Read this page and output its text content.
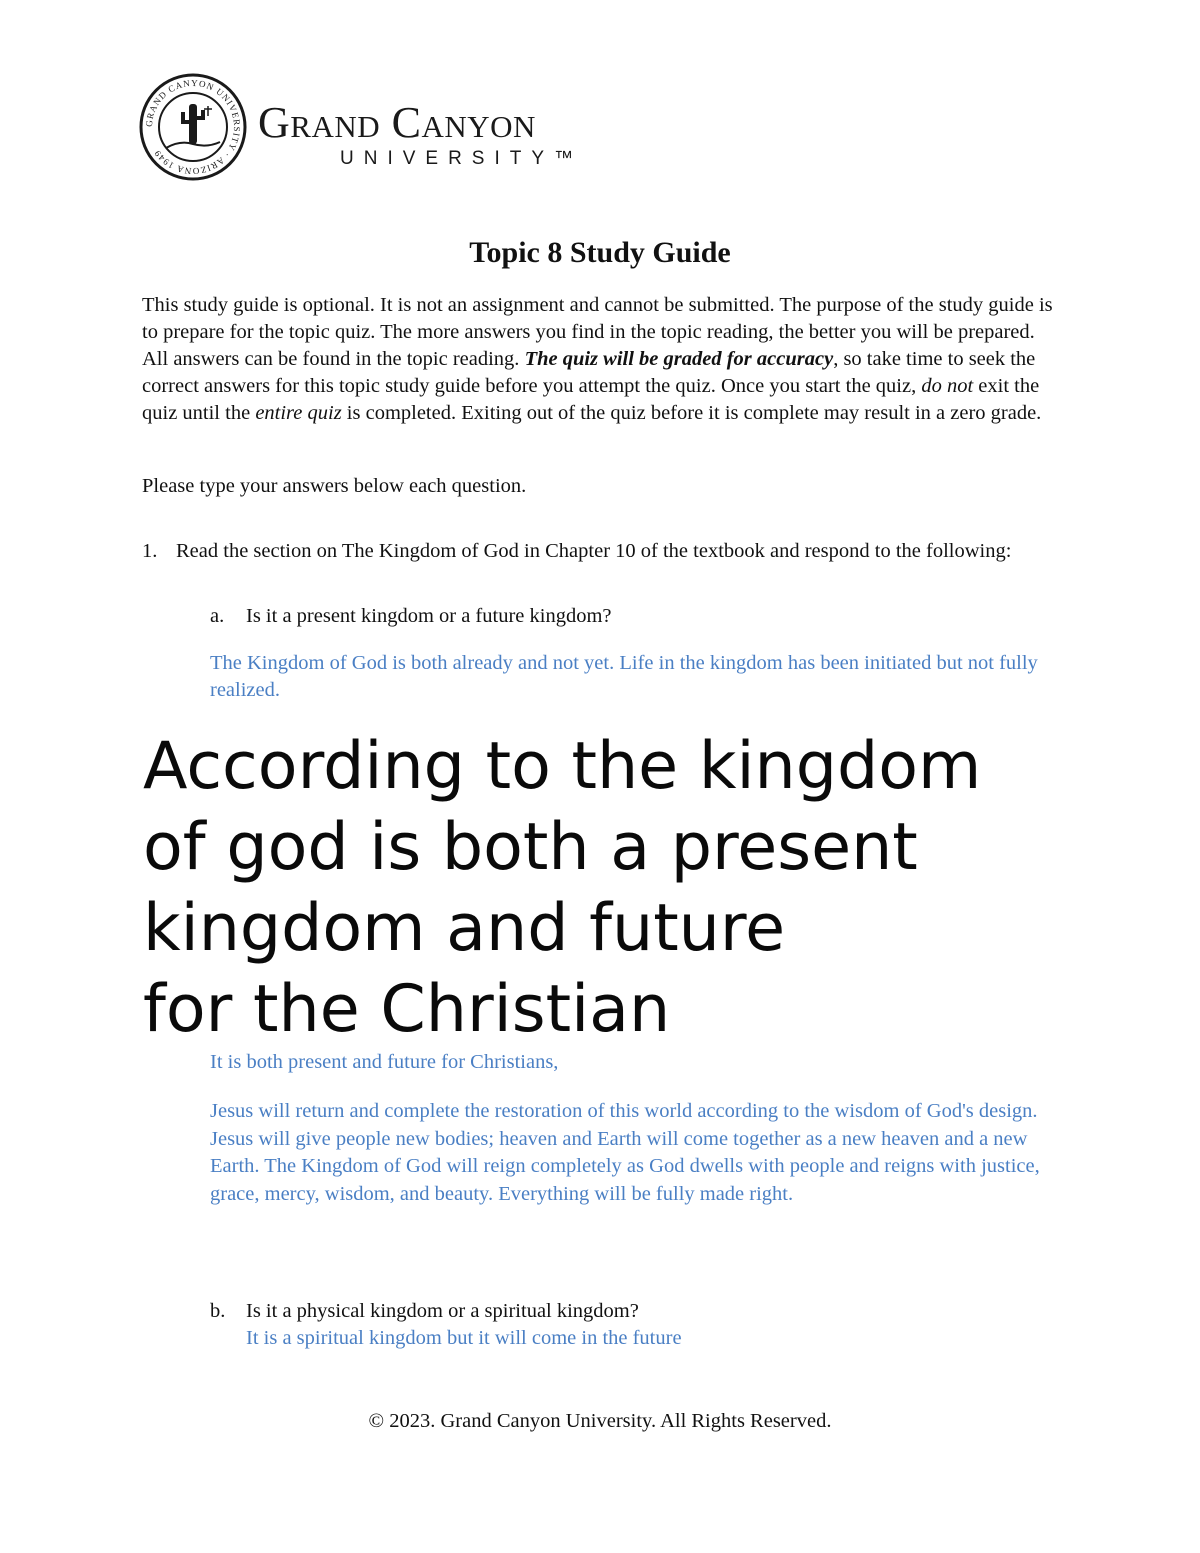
GRAND CANYON UNIVERSITY · ARIZONA 1949
Grand Canyon
UNIVERSITY™
Topic 8 Study Guide

This study guide is optional. It is not an assignment and cannot be submitted. The purpose of the study guide is to prepare for the topic quiz. The more answers you find in the topic reading, the better you will be prepared. All answers can be found in the topic reading. The quiz will be graded for accuracy, so take time to seek the correct answers for this topic study guide before you attempt the quiz. Once you start the quiz, do not exit the quiz until the entire quiz is completed. Exiting out of the quiz before it is complete may result in a zero grade.

Please type your answers below each question.
1. Read the section on The Kingdom of God in Chapter 10 of the textbook and respond to the following:
a. Is it a present kingdom or a future kingdom?
The Kingdom of God is both already and not yet. Life in the kingdom has been initiated but not fully realized.
According to the kingdom
of god is both a present
kingdom and future
for the Christian
It is both present and future for Christians,
Jesus will return and complete the restoration of this world according to the wisdom of God's design. Jesus will give people new bodies; heaven and Earth will come together as a new heaven and a new Earth. The Kingdom of God will reign completely as God dwells with people and reigns with justice, grace, mercy, wisdom, and beauty. Everything will be fully made right.
b. Is it a physical kingdom or a spiritual kingdom?
It is a spiritual kingdom but it will come in the future
© 2023. Grand Canyon University. All Rights Reserved.
